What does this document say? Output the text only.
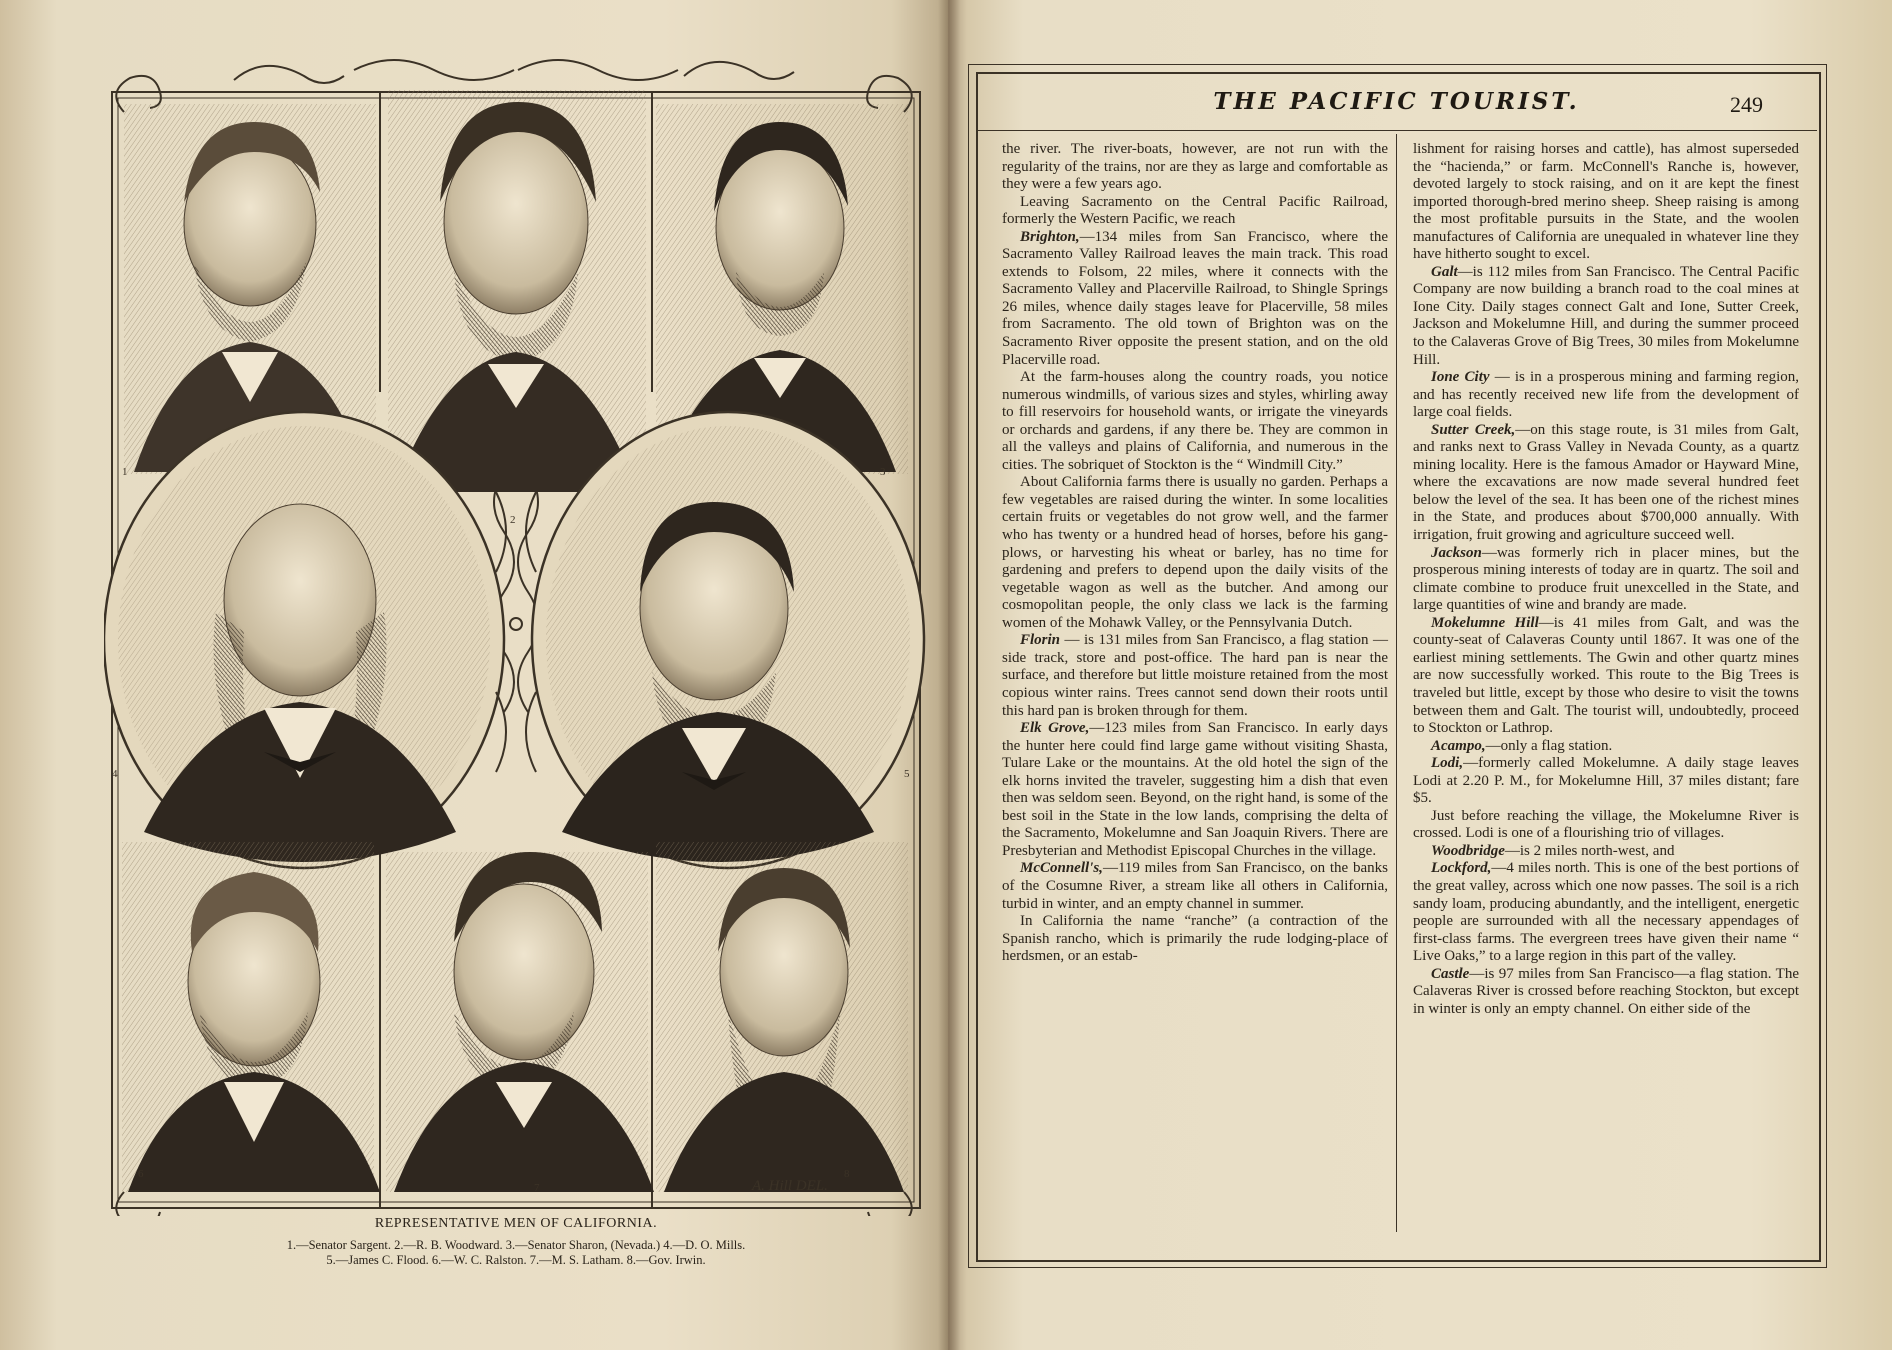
1
2
3
4	5
6
7
8
A. Hill DEL.

REPRESENTATIVE MEN OF CALIFORNIA.

1.—Senator Sargent. 2.—R. B. Woodward. 3.—Senator Sharon, (Nevada.) 4.—D. O. Mills.

5.—James C. Flood. 6.—W. C. Ralston. 7.—M. S. Latham. 8.—Gov. Irwin.

THE PACIFIC TOURIST.	249

the river. The river-boats, however, are not run with the regularity of the trains, nor are they as large and comfortable as they were a few years ago.

Leaving Sacramento on the Central Pacific Railroad, formerly the Western Pacific, we reach

Brighton,—134 miles from San Francisco, where the Sacramento Valley Railroad leaves the main track. This road extends to Folsom, 22 miles, where it connects with the Sacramento Valley and Placerville Railroad, to Shingle Springs 26 miles, whence daily stages leave for Placerville, 58 miles from Sacramento. The old town of Brighton was on the Sacramento River opposite the present station, and on the old Placerville road.

At the farm-houses along the country roads, you notice numerous windmills, of various sizes and styles, whirling away to fill reservoirs for household wants, or irrigate the vineyards or orchards and gardens, if any there be. They are common in all the valleys and plains of California, and numerous in the cities. The sobriquet of Stockton is the “ Windmill City.”

About California farms there is usually no garden. Perhaps a few vegetables are raised during the winter. In some localities certain fruits or vegetables do not grow well, and the farmer who has twenty or a hundred head of horses, before his gang-plows, or harvesting his wheat or barley, has no time for gardening and prefers to depend upon the daily visits of the vegetable wagon as well as the butcher. And among our cosmopolitan people, the only class we lack is the farming women of the Mohawk Valley, or the Pennsylvania Dutch.

Florin — is 131 miles from San Francisco, a flag station — side track, store and post-office. The hard pan is near the surface, and therefore but little moisture retained from the most copious winter rains. Trees cannot send down their roots until this hard pan is broken through for them.

Elk Grove,—123 miles from San Francisco. In early days the hunter here could find large game without visiting Shasta, Tulare Lake or the mountains. At the old hotel the sign of the elk horns invited the traveler, suggesting him a dish that even then was seldom seen. Beyond, on the right hand, is some of the best soil in the State in the low lands, comprising the delta of the Sacramento, Mokelumne and San Joaquin Rivers. There are Presbyterian and Methodist Episcopal Churches in the village.

McConnell's,—119 miles from San Francisco, on the banks of the Cosumne River, a stream like all others in California, turbid in winter, and an empty channel in summer.

In California the name “ranche” (a contraction of the Spanish rancho, which is primarily the rude lodging-place of herdsmen, or an estab-

lishment for raising horses and cattle), has almost superseded the “hacienda,” or farm. McConnell's Ranche is, however, devoted largely to stock raising, and on it are kept the finest imported thorough-bred merino sheep. Sheep raising is among the most profitable pursuits in the State, and the woolen manufactures of California are unequaled in whatever line they have hitherto sought to excel.

Galt—is 112 miles from San Francisco. The Central Pacific Company are now building a branch road to the coal mines at Ione City. Daily stages connect Galt and Ione, Sutter Creek, Jackson and Mokelumne Hill, and during the summer proceed to the Calaveras Grove of Big Trees, 30 miles from Mokelumne Hill.

Ione City — is in a prosperous mining and farming region, and has recently received new life from the development of large coal fields.

Sutter Creek,—on this stage route, is 31 miles from Galt, and ranks next to Grass Valley in Nevada County, as a quartz mining locality. Here is the famous Amador or Hayward Mine, where the excavations are now made several hundred feet below the level of the sea. It has been one of the richest mines in the State, and produces about $700,000 annually. With irrigation, fruit growing and agriculture succeed well.

Jackson—was formerly rich in placer mines, but the prosperous mining interests of today are in quartz. The soil and climate combine to produce fruit unexcelled in the State, and large quantities of wine and brandy are made.

Mokelumne Hill—is 41 miles from Galt, and was the county-seat of Calaveras County until 1867. It was one of the earliest mining settlements. The Gwin and other quartz mines are now successfully worked. This route to the Big Trees is traveled but little, except by those who desire to visit the towns between them and Galt. The tourist will, undoubtedly, proceed to Stockton or Lathrop.

Acampo,—only a flag station.

Lodi,—formerly called Mokelumne. A daily stage leaves Lodi at 2.20 P. M., for Mokelumne Hill, 37 miles distant; fare $5.

Just before reaching the village, the Mokelumne River is crossed. Lodi is one of a flourishing trio of villages.

Woodbridge—is 2 miles north-west, and

Lockford,—4 miles north. This is one of the best portions of the great valley, across which one now passes. The soil is a rich sandy loam, producing abundantly, and the intelligent, energetic people are surrounded with all the necessary appendages of first-class farms. The evergreen trees have given their name “ Live Oaks,” to a large region in this part of the valley.

Castle—is 97 miles from San Francisco—a flag station. The Calaveras River is crossed before reaching Stockton, but except in winter is only an empty channel. On either side of the
